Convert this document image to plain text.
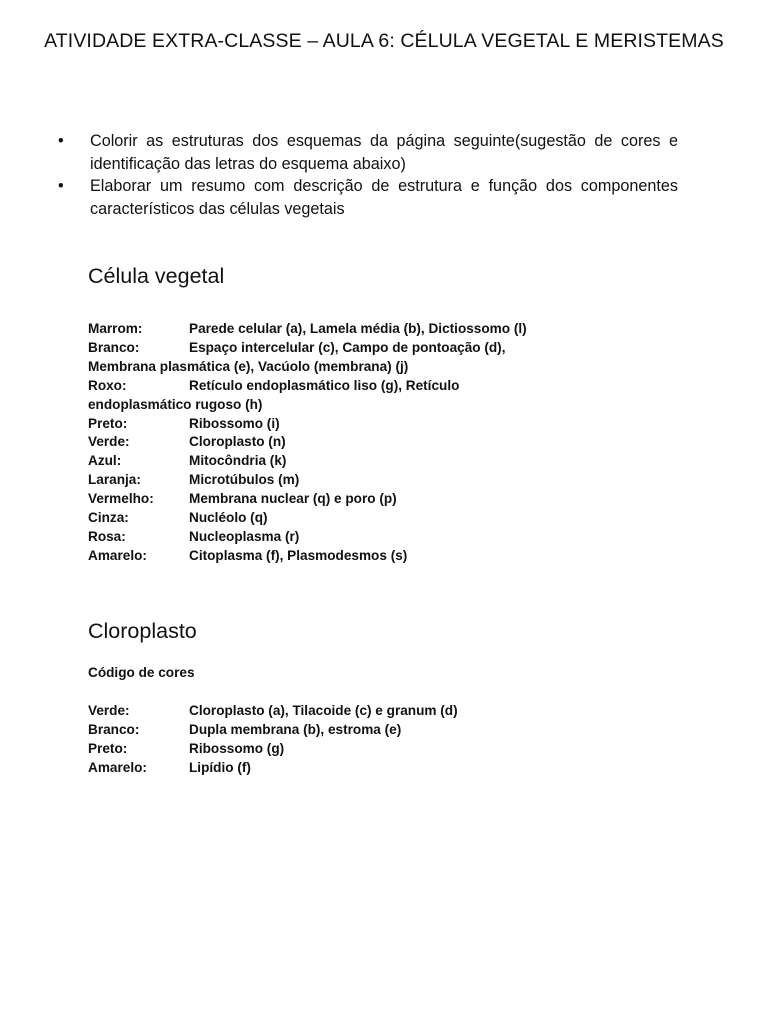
ATIVIDADE EXTRA-CLASSE – AULA 6: CÉLULA VEGETAL E MERISTEMAS
•	Colorir as estruturas dos esquemas da página seguinte(sugestão de cores e identificação das letras do esquema abaixo)
•	Elaborar um resumo com descrição de estrutura e função dos componentes característicos das células vegetais
Célula vegetal
Marrom:	Parede celular (a), Lamela média (b), Dictiossomo (l)
Branco:	Espaço intercelular (c), Campo de pontoação (d),
Membrana plasmática (e), Vacúolo (membrana) (j)
Roxo:	Retículo endoplasmático liso (g), Retículo
endoplasmático rugoso (h)
Preto:	Ribossomo (i)
Verde:	Cloroplasto (n)
Azul:	Mitocôndria (k)
Laranja:	Microtúbulos (m)
Vermelho:	Membrana nuclear (q) e poro (p)
Cinza:	Nucléolo (q)
Rosa:	Nucleoplasma (r)
Amarelo:	Citoplasma (f), Plasmodesmos (s)
Cloroplasto
Código de cores
Verde:	Cloroplasto (a), Tilacoide (c) e granum (d)
Branco:	Dupla membrana (b), estroma (e)
Preto:	Ribossomo (g)
Amarelo:	Lipídio (f)
